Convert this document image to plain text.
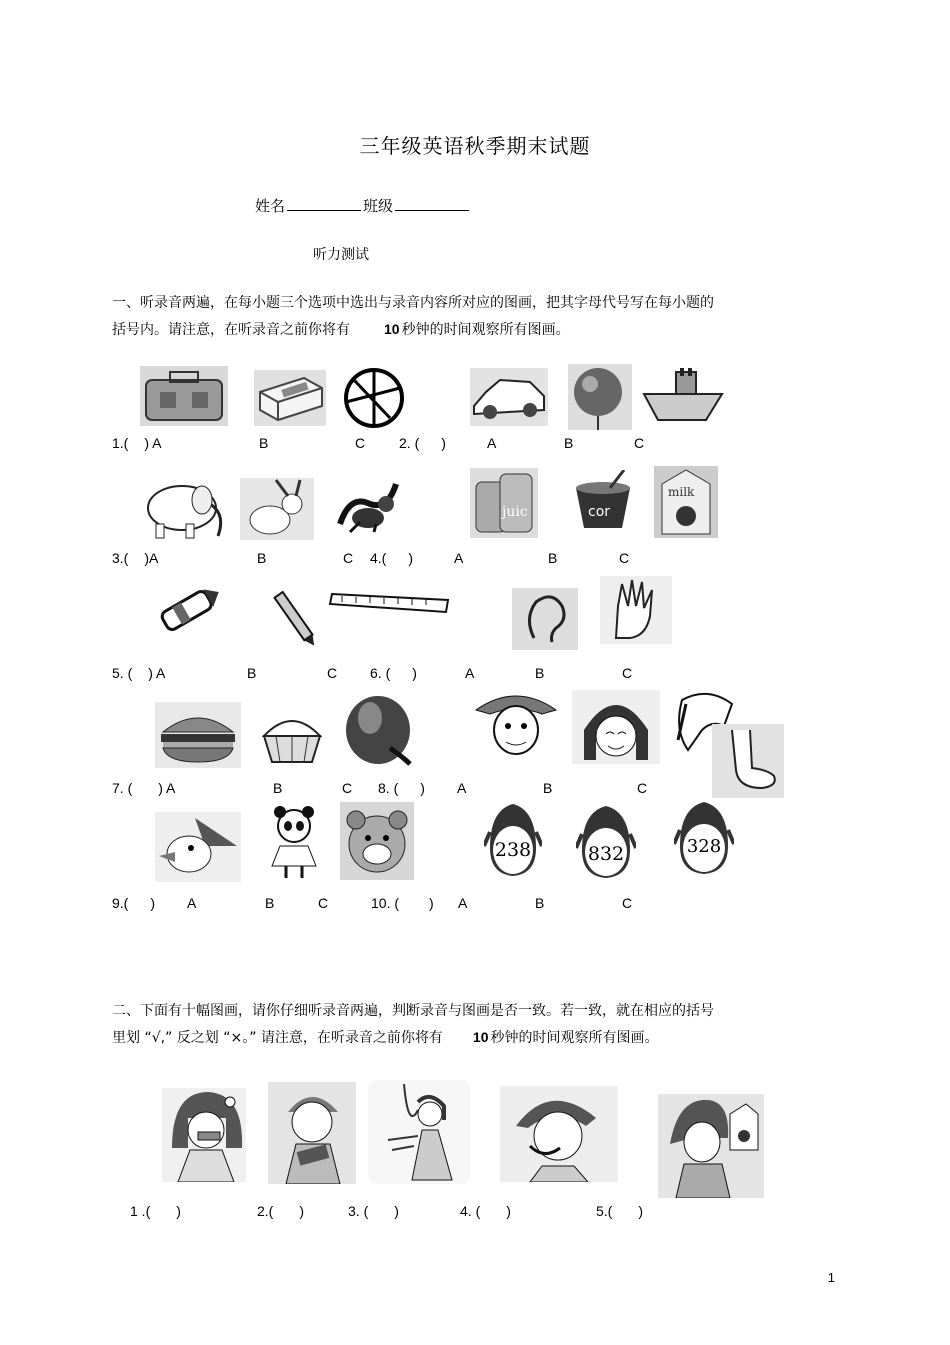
三年级英语秋季期末试题
姓名	班级
听力测试
一、听录音两遍，在每小题三个选项中选出与录音内容所对应的图画，把其字母代号写在每小题的
括号内。请注意，在听录音之前你将有 10 秒钟的时间观察所有图画。
1.( ) A	B	C 2. ( )	A	B	C
juic	cor
milk
3.( )A	B	C 4.( )	A	B	C
5. ( ) A	B	C 6. ( )	A	B	C
7. ( ) A	B	C 8. ( ) A	B	C
238	832	328
9.( ) A	B	C	10. ( ) A	B	C
二、下面有十幅图画，请你仔细听录音两遍，判断录音与图画是否一致。若一致，就在相应的括号
里划 “√,” 反之划 “×。” 请注意，在听录音之前你将有 10 秒钟的时间观察所有图画。
1 .( )	2.( )	3. ( )	4. ( )	5.( )
1
